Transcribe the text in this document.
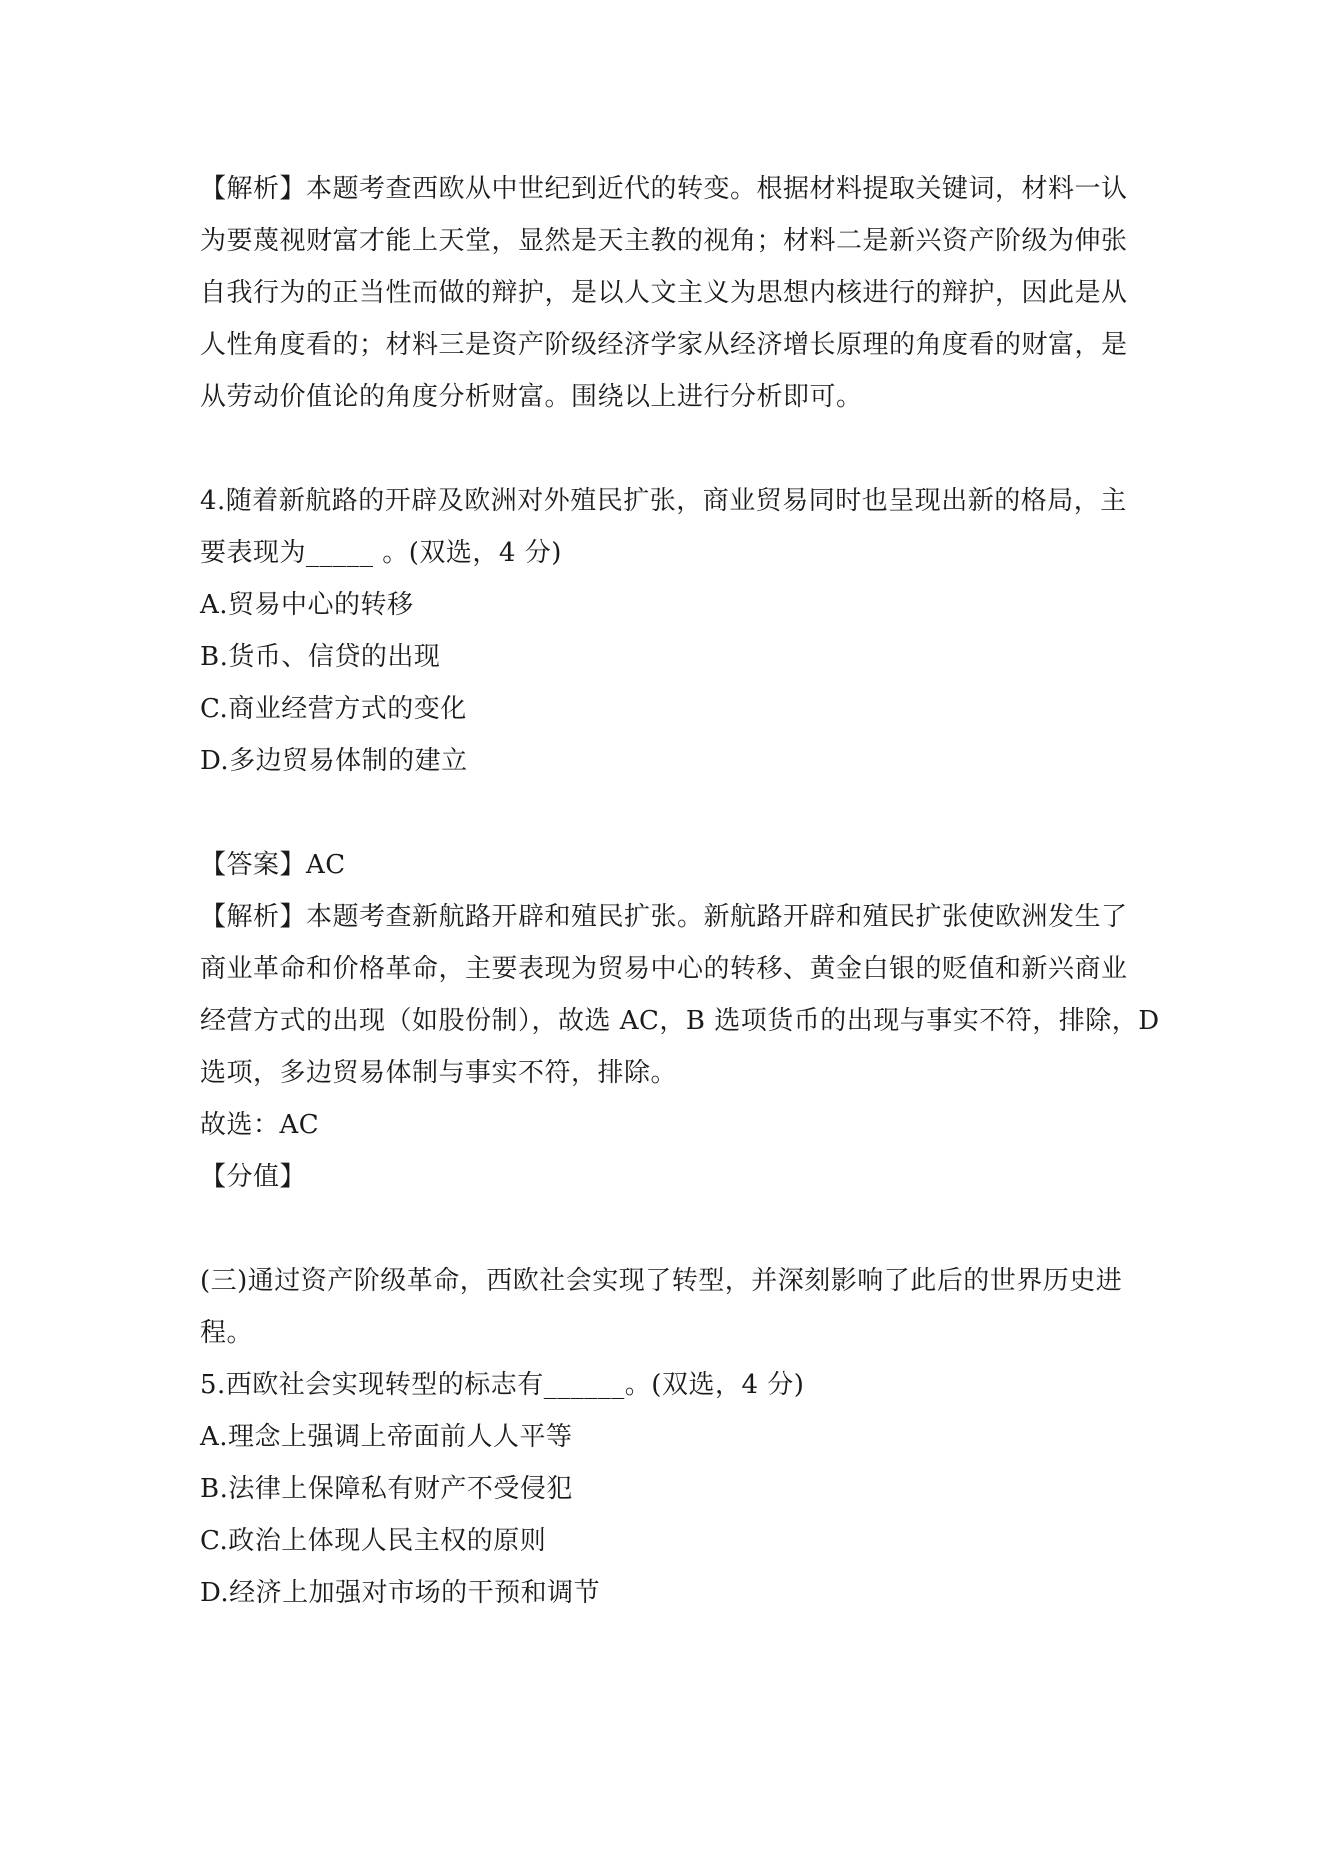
【解析】本题考查西欧从中世纪到近代的转变。根据材料提取关键词，材料一认
为要蔑视财富才能上天堂，显然是天主教的视角；材料二是新兴资产阶级为伸张
自我行为的正当性而做的辩护，是以人文主义为思想内核进行的辩护，因此是从
人性角度看的；材料三是资产阶级经济学家从经济增长原理的角度看的财富，是
从劳动价值论的角度分析财富。围绕以上进行分析即可。
4.随着新航路的开辟及欧洲对外殖民扩张，商业贸易同时也呈现出新的格局，主
要表现为_____ 。(双选，4 分)
A.贸易中心的转移
B.货币、信贷的出现
C.商业经营方式的变化
D.多边贸易体制的建立
【答案】AC
【解析】本题考查新航路开辟和殖民扩张。新航路开辟和殖民扩张使欧洲发生了
商业革命和价格革命，主要表现为贸易中心的转移、黄金白银的贬值和新兴商业
经营方式的出现（如股份制），故选 AC，B 选项货币的出现与事实不符，排除，D
选项，多边贸易体制与事实不符，排除。
故选：AC
【分值】
(三)通过资产阶级革命，西欧社会实现了转型，并深刻影响了此后的世界历史进
程。
5.西欧社会实现转型的标志有______。(双选，4 分)
A.理念上强调上帝面前人人平等
B.法律上保障私有财产不受侵犯
C.政治上体现人民主权的原则
D.经济上加强对市场的干预和调节
